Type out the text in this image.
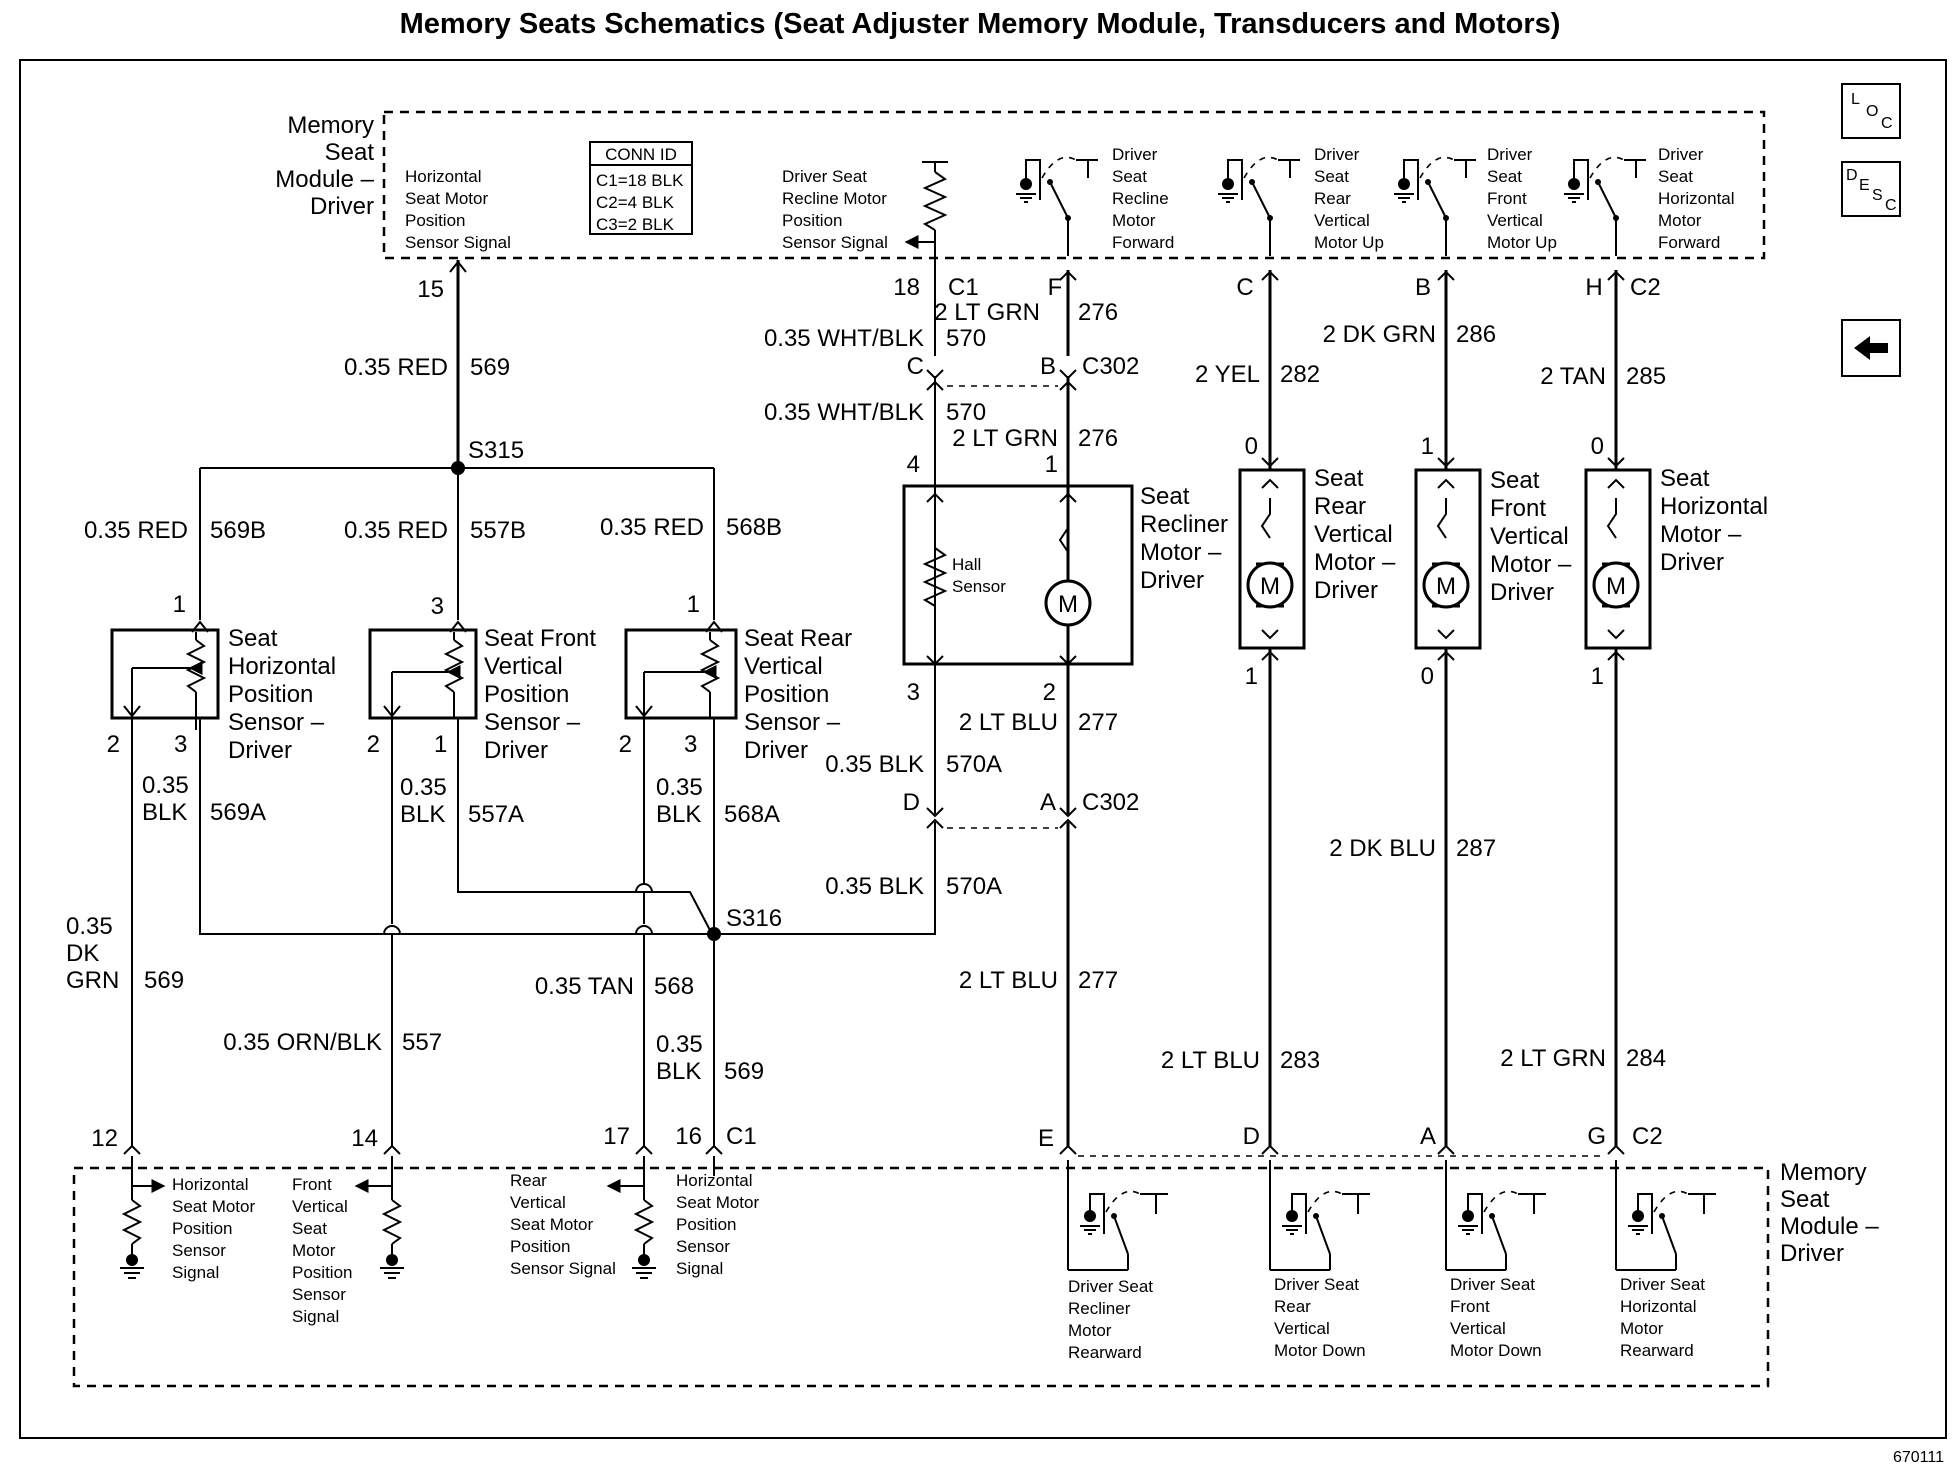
Memory Seats Schematics (Seat Adjuster Memory Module, Transducers and Motors)
L
O
C
D
E
S
C
Memory
Seat
Module –
Driver
Horizontal
Seat Motor
Position
Sensor Signal
CONN ID
C1=18 BLK
C2=4 BLK
C3=2 BLK
Driver Seat
Recline Motor
Position
Sensor Signal
Driver
Seat
Recline
Motor
Forward
Driver
Seat
Rear
Vertical
Motor Up
Driver
Seat
Front
Vertical
Motor Up
Driver
Seat
Horizontal
Motor
Forward
15	18 C1	F	C	B	H C2
0.35 RED 569
S315
0.35 RED 569B	0.35 RED 557B	0.35 RED 568B
Seat
Horizontal
Position
Sensor –
Driver
Seat Front
Vertical
Position
Sensor –
Driver
Seat Rear
Vertical
Position
Sensor –
Driver
1
2 3
3
2 1
1
2 3
S316
0.35
BLK 569A
0.35
BLK 557A
0.35
BLK 568A
0.35
DK
GRN 569
0.35 ORN/BLK 557
0.35 TAN 568
0.35
BLK 569
2 LT GRN 276
0.35 WHT/BLK 570
C	B C302
0.35 WHT/BLK 570
2 LT GRN 276
4	1
M
Hall
Sensor
Seat
Recliner
Motor –
Driver
3	2
2 LT BLU 277
0.35 BLK 570A
D	A C302
0.35 BLK 570A
2 LT BLU 277
M	M	M
0
1
1
0
0
1
Seat
Rear
Vertical
Motor –
Driver
Seat
Front
Vertical
Motor –
Driver
Seat
Horizontal
Motor –
Driver
2 YEL 282
2 DK GRN 286
2 TAN 285
2 DK BLU 287
2 LT BLU 283	2 LT GRN 284
12	14	17 16 C1	E	D	A	G C2
Horizontal
Seat Motor
Position
Sensor
Signal
Front
Vertical
Seat
Motor
Position
Sensor
Signal
Rear
Vertical
Seat Motor
Position
Sensor Signal
Horizontal
Seat Motor
Position
Sensor
Signal
Driver Seat
Recliner
Motor
Rearward
Driver Seat
Rear
Vertical
Motor Down
Driver Seat
Front
Vertical
Motor Down
Driver Seat
Horizontal
Motor
Rearward
Memory
Seat
Module –
Driver
670111
